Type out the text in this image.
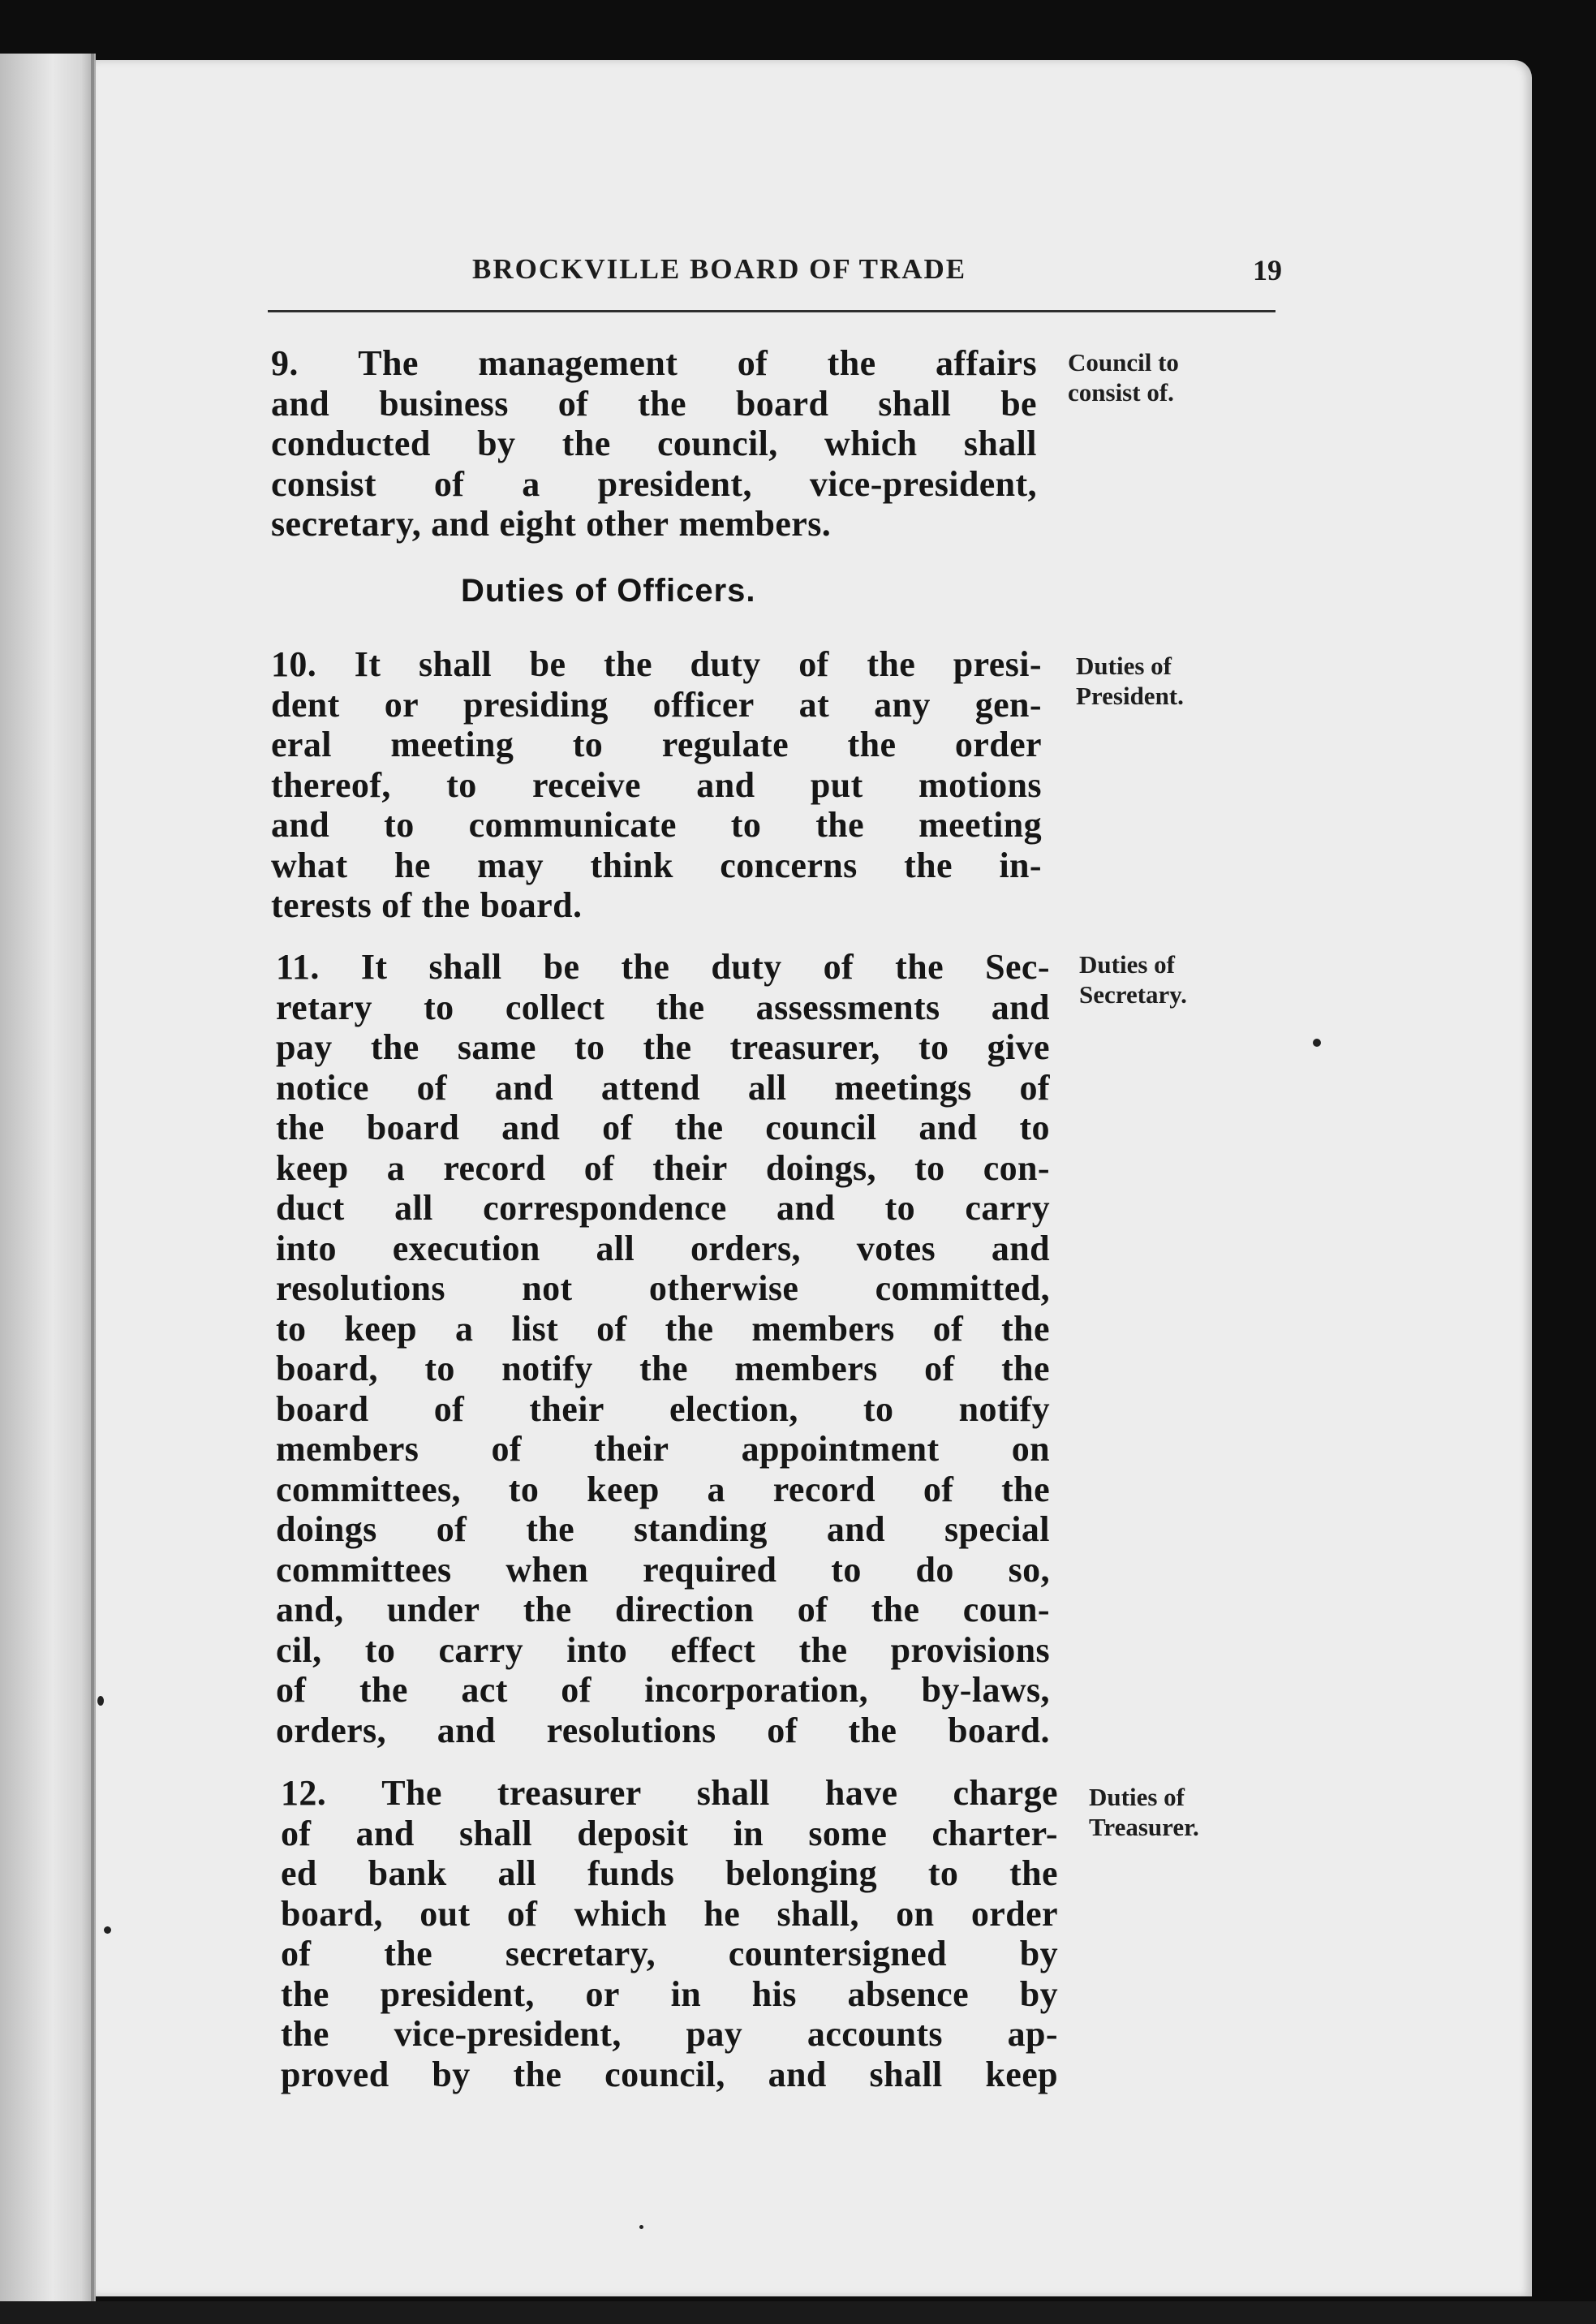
BROCKVILLE BOARD OF TRADE	19
9. The management of the affairs
and business of the board shall be
conducted by the council, which shall
consist of a president, vice-president,
secretary, and eight other members.
Duties of Officers.
10. It shall be the duty of the presi-
dent or presiding officer at any gen-
eral meeting to regulate the order
thereof, to receive and put motions
and to communicate to the meeting
what he may think concerns the in-
terests of the board.
11. It shall be the duty of the Sec-
retary to collect the assessments and
pay the same to the treasurer, to give
notice of and attend all meetings of
the board and of the council and to
keep a record of their doings, to con-
duct all correspondence and to carry
into execution all orders, votes and
resolutions not otherwise committed,
to keep a list of the members of the
board, to notify the members of the
board of their election, to notify
members of their appointment on
committees, to keep a record of the
doings of the standing and special
committees when required to do so,
and, under the direction of the coun-
cil, to carry into effect the provisions
of the act of incorporation, by-laws,
orders, and resolutions of the board.
12. The treasurer shall have charge
of and shall deposit in some charter-
ed bank all funds belonging to the
board, out of which he shall, on order
of the secretary, countersigned by
the president, or in his absence by
the vice-president, pay accounts ap-
proved by the council, and shall keep
Council to
consist of.
Duties of
President.
Duties of
Secretary.
Duties of
Treasurer.
